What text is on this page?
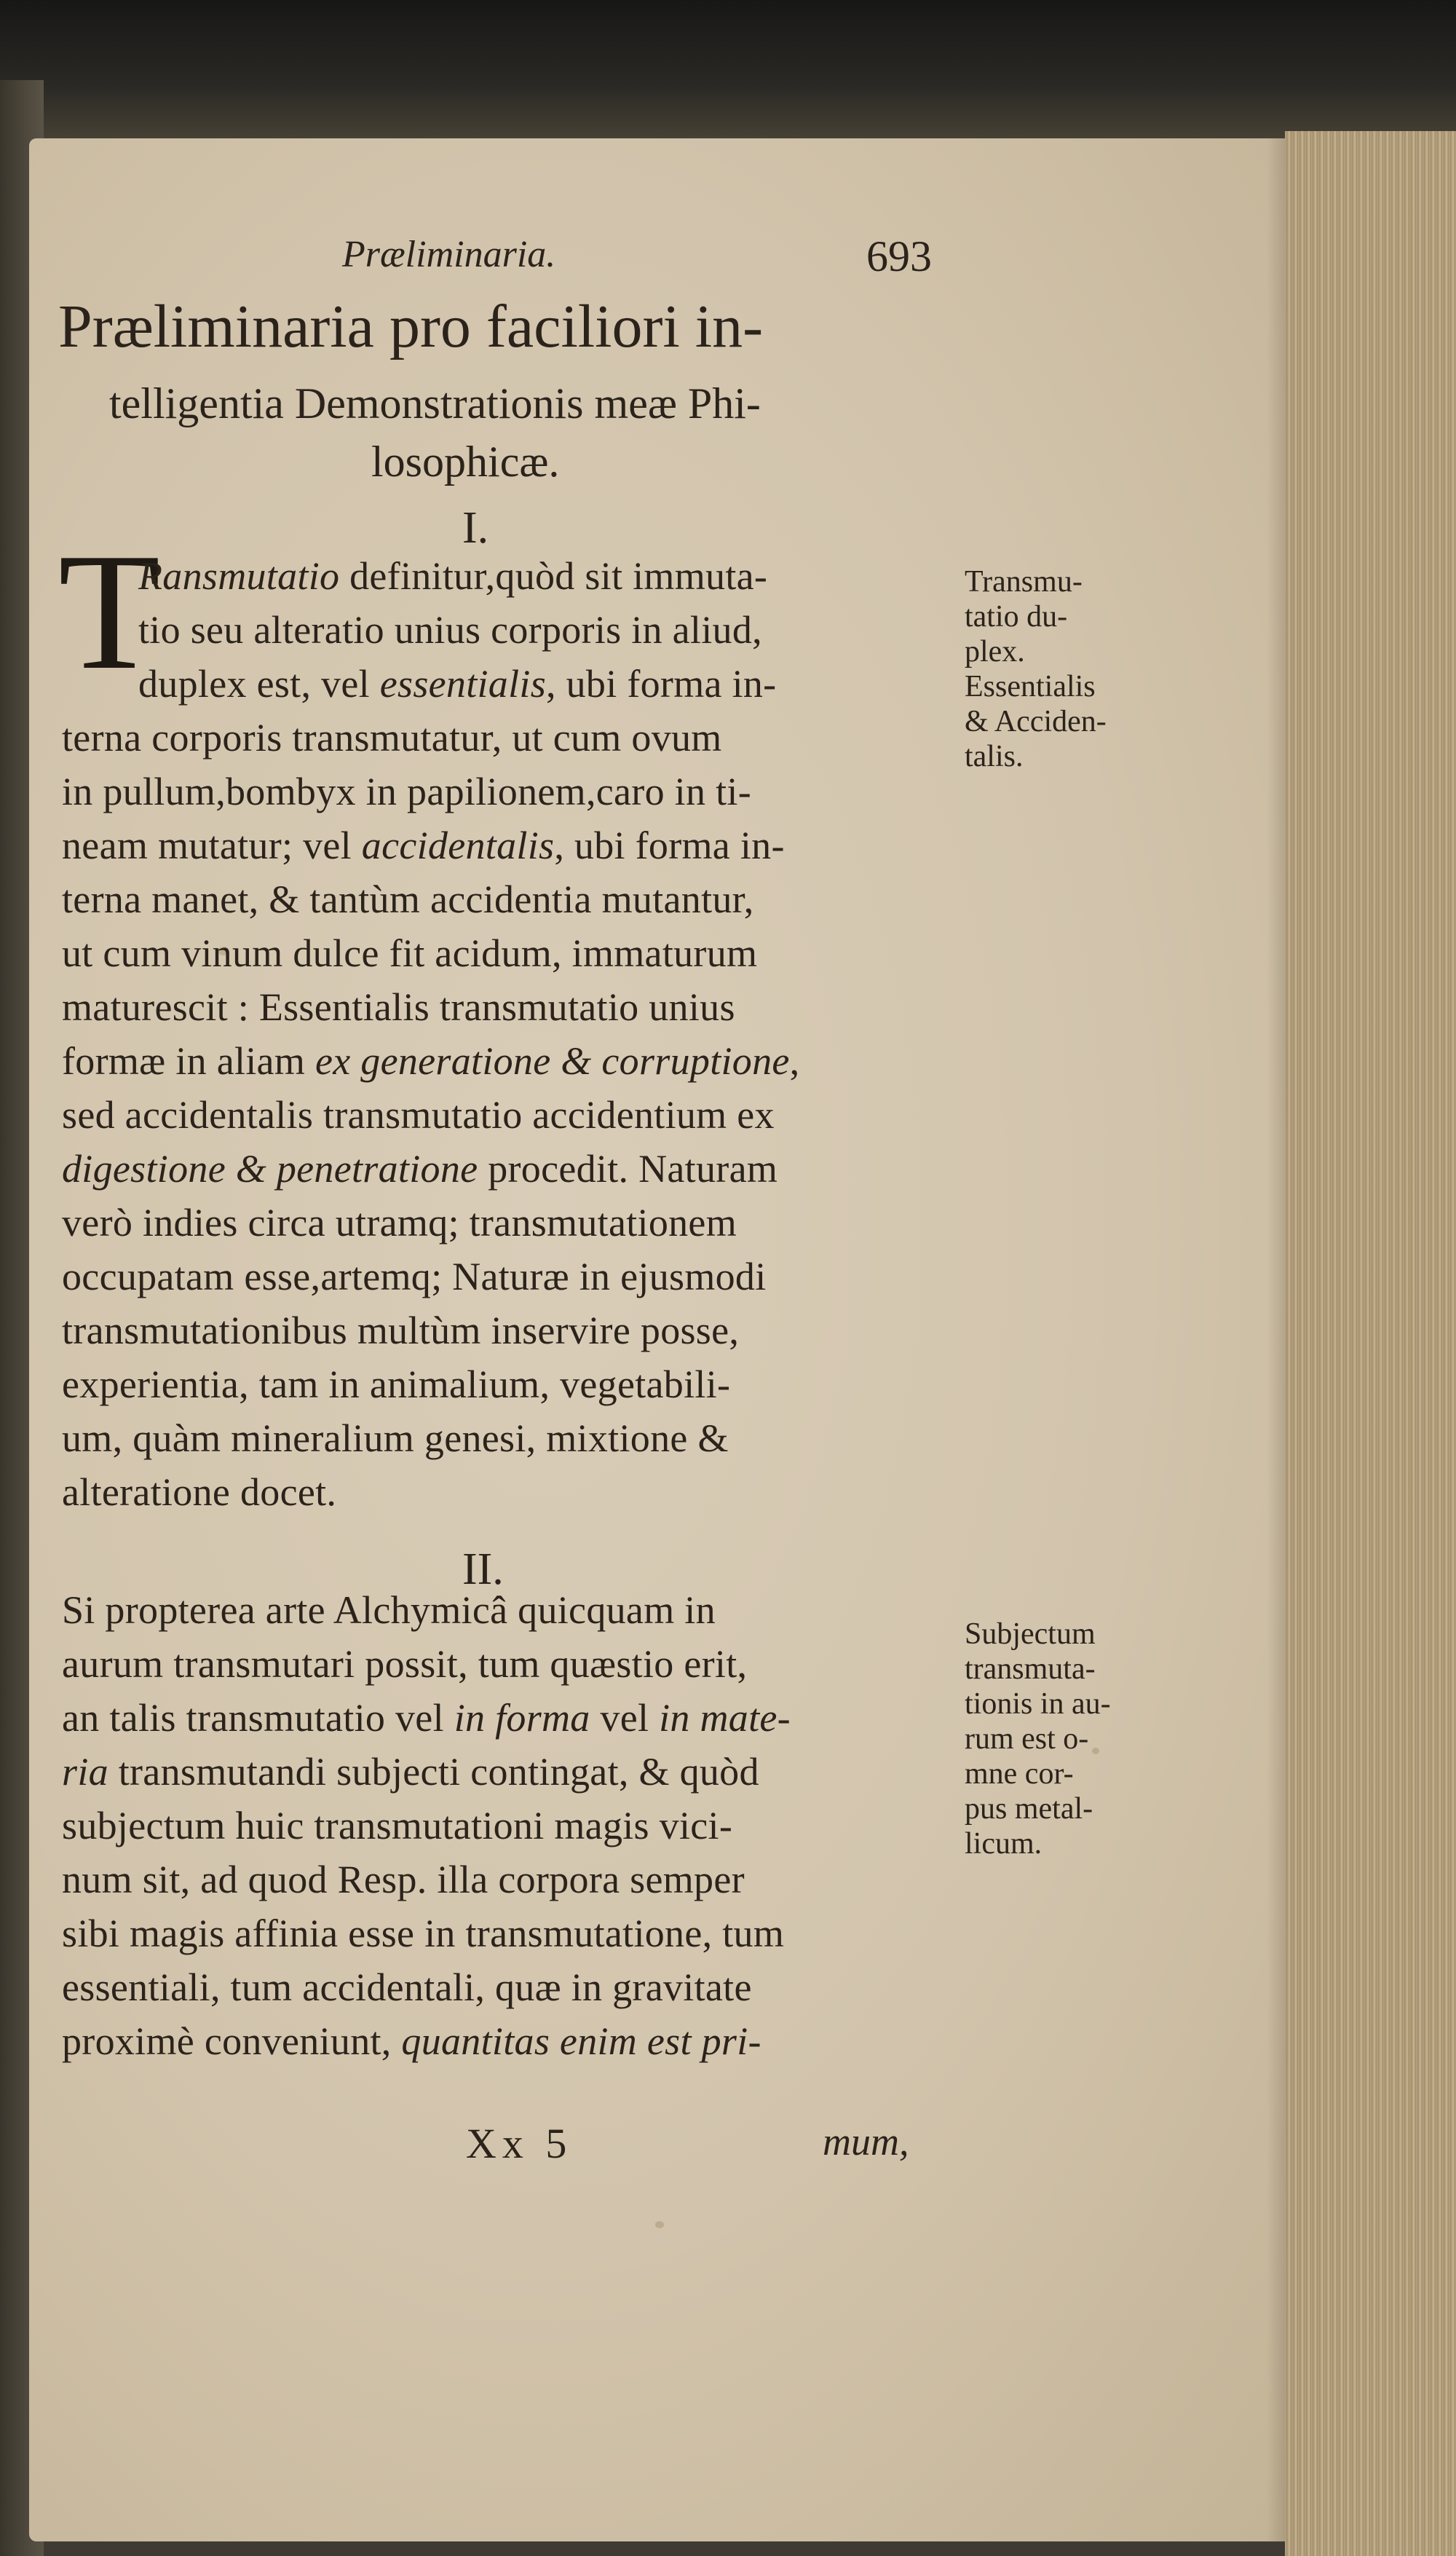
Præliminaria.	693
Præliminaria pro faciliori in-
telligentia Demonstrationis meæ Phi-
losophicæ.
I.
T
Ransmutatio definitur,quòd sit immuta-
tio seu alteratio unius corporis in aliud,
duplex est, vel essentialis, ubi forma in-
terna corporis transmutatur, ut cum ovum
in pullum,bombyx in papilionem,caro in ti-
neam mutatur; vel accidentalis, ubi forma in-
terna manet, & tantùm accidentia mutantur,
ut cum vinum dulce fit acidum, immaturum
maturescit : Essentialis transmutatio unius
formæ in aliam ex generatione & corruptione,
sed accidentalis transmutatio accidentium ex
digestione & penetratione procedit. Naturam
verò indies circa utramq; transmutationem
occupatam esse,artemq; Naturæ in ejusmodi
transmutationibus multùm inservire posse,
experientia, tam in animalium, vegetabili-
um, quàm mineralium genesi, mixtione &
alteratione docet.
Transmu-
tatio du-
plex.
Essentialis
& Acciden-
talis.
II.
Si propterea arte Alchymicâ quicquam in
aurum transmutari possit, tum quæstio erit,
an talis transmutatio vel in forma vel in mate-
ria transmutandi subjecti contingat, & quòd
subjectum huic transmutationi magis vici-
num sit, ad quod Resp. illa corpora semper
sibi magis affinia esse in transmutatione, tum
essentiali, tum accidentali, quæ in gravitate
proximè conveniunt, quantitas enim est pri-
Subjectum
transmuta-
tionis in au-
rum est o-
mne cor-
pus metal-
licum.
Xx 5	mum,
